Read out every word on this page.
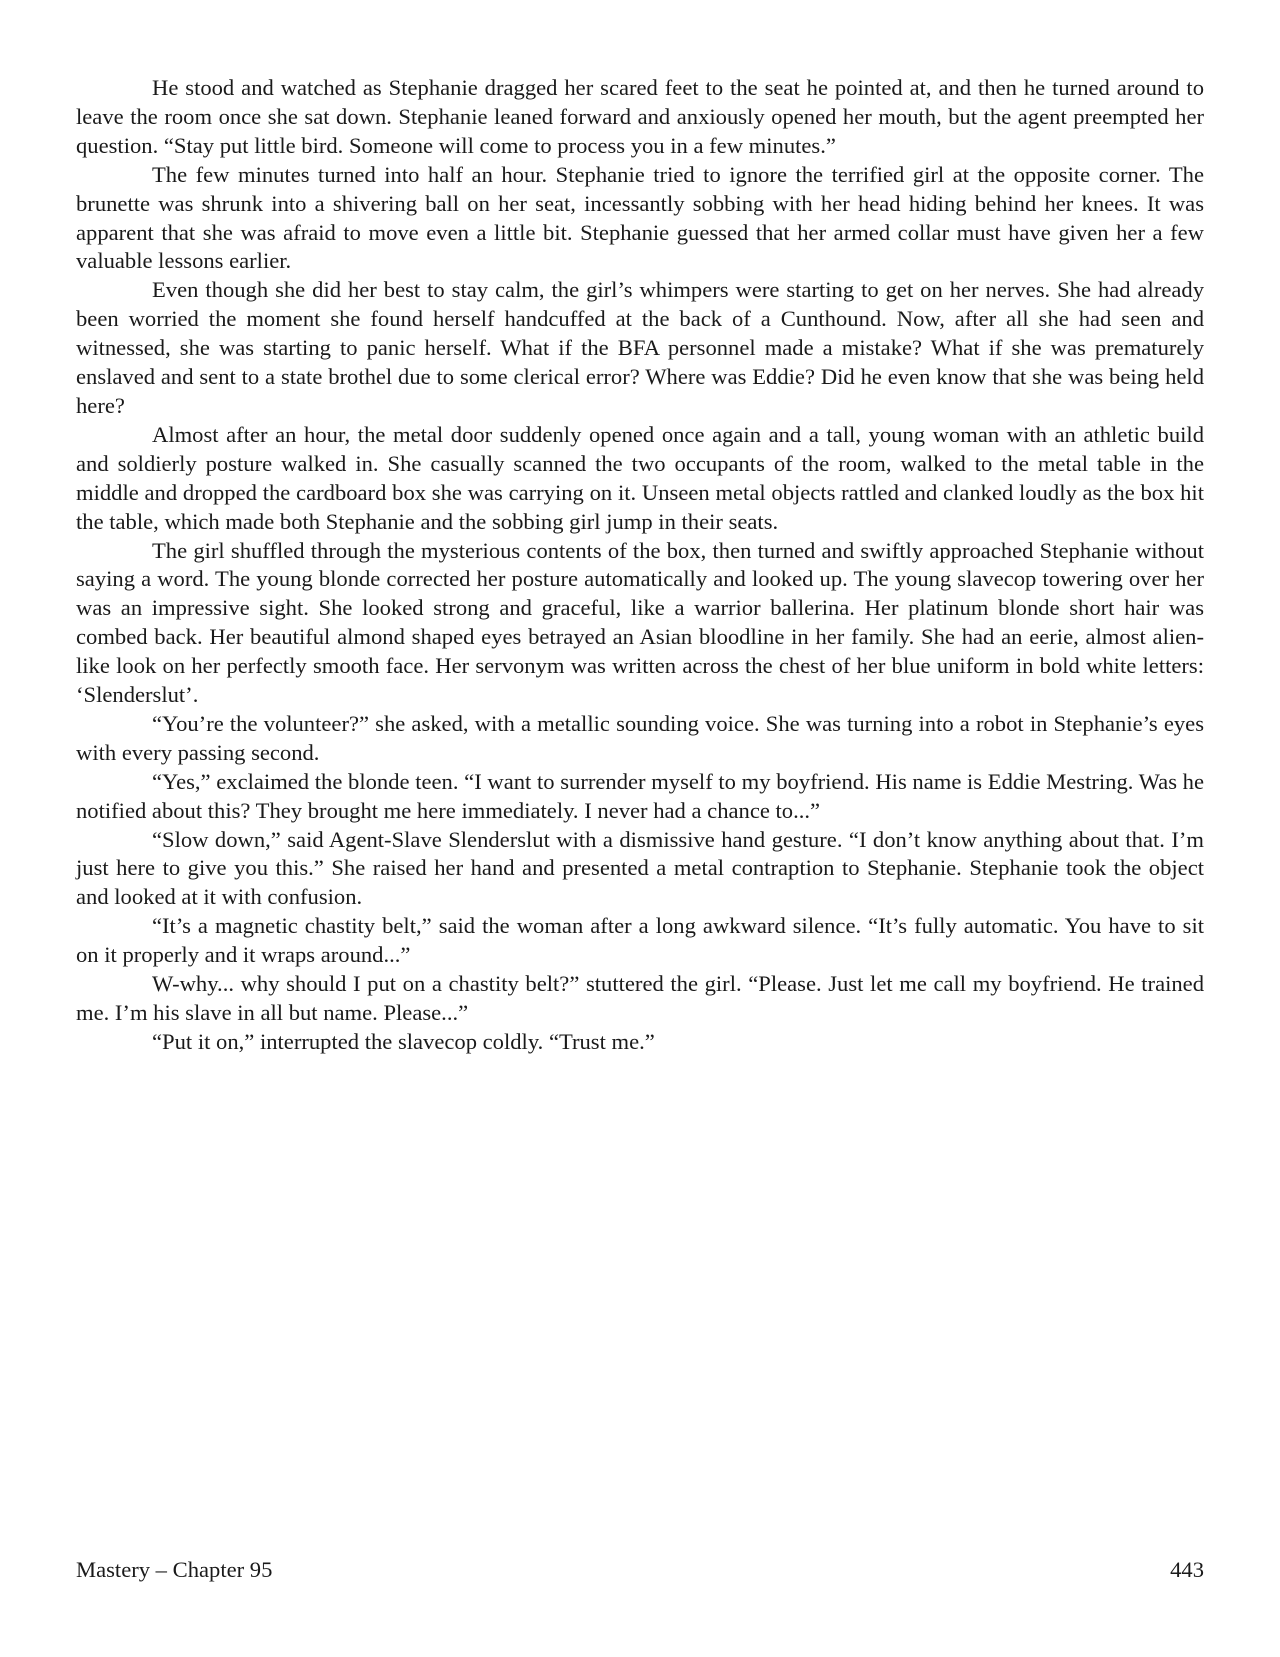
He stood and watched as Stephanie dragged her scared feet to the seat he pointed at, and then he turned around to leave the room once she sat down. Stephanie leaned forward and anxiously opened her mouth, but the agent preempted her question. “Stay put little bird. Someone will come to process you in a few minutes.”

The few minutes turned into half an hour. Stephanie tried to ignore the terrified girl at the opposite corner. The brunette was shrunk into a shivering ball on her seat, incessantly sobbing with her head hiding behind her knees. It was apparent that she was afraid to move even a little bit. Stephanie guessed that her armed collar must have given her a few valuable lessons earlier.

Even though she did her best to stay calm, the girl’s whimpers were starting to get on her nerves. She had already been worried the moment she found herself handcuffed at the back of a Cunthound. Now, after all she had seen and witnessed, she was starting to panic herself. What if the BFA personnel made a mistake? What if she was prematurely enslaved and sent to a state brothel due to some clerical error? Where was Eddie? Did he even know that she was being held here?

Almost after an hour, the metal door suddenly opened once again and a tall, young woman with an athletic build and soldierly posture walked in. She casually scanned the two occupants of the room, walked to the metal table in the middle and dropped the cardboard box she was carrying on it. Unseen metal objects rattled and clanked loudly as the box hit the table, which made both Stephanie and the sobbing girl jump in their seats.

The girl shuffled through the mysterious contents of the box, then turned and swiftly approached Stephanie without saying a word. The young blonde corrected her posture automatically and looked up. The young slavecop towering over her was an impressive sight. She looked strong and graceful, like a warrior ballerina. Her platinum blonde short hair was combed back. Her beautiful almond shaped eyes betrayed an Asian bloodline in her family. She had an eerie, almost alien-like look on her perfectly smooth face. Her servonym was written across the chest of her blue uniform in bold white letters: ‘Slenderslut’.

“You’re the volunteer?” she asked, with a metallic sounding voice. She was turning into a robot in Stephanie’s eyes with every passing second.

“Yes,” exclaimed the blonde teen. “I want to surrender myself to my boyfriend. His name is Eddie Mestring. Was he notified about this? They brought me here immediately. I never had a chance to...”

“Slow down,” said Agent-Slave Slenderslut with a dismissive hand gesture. “I don’t know anything about that. I’m just here to give you this.” She raised her hand and presented a metal contraption to Stephanie. Stephanie took the object and looked at it with confusion.

“It’s a magnetic chastity belt,” said the woman after a long awkward silence. “It’s fully automatic. You have to sit on it properly and it wraps around...”

W-why... why should I put on a chastity belt?” stuttered the girl. “Please. Just let me call my boyfriend. He trained me. I’m his slave in all but name. Please...”

“Put it on,” interrupted the slavecop coldly. “Trust me.”

Mastery – Chapter 95	443
